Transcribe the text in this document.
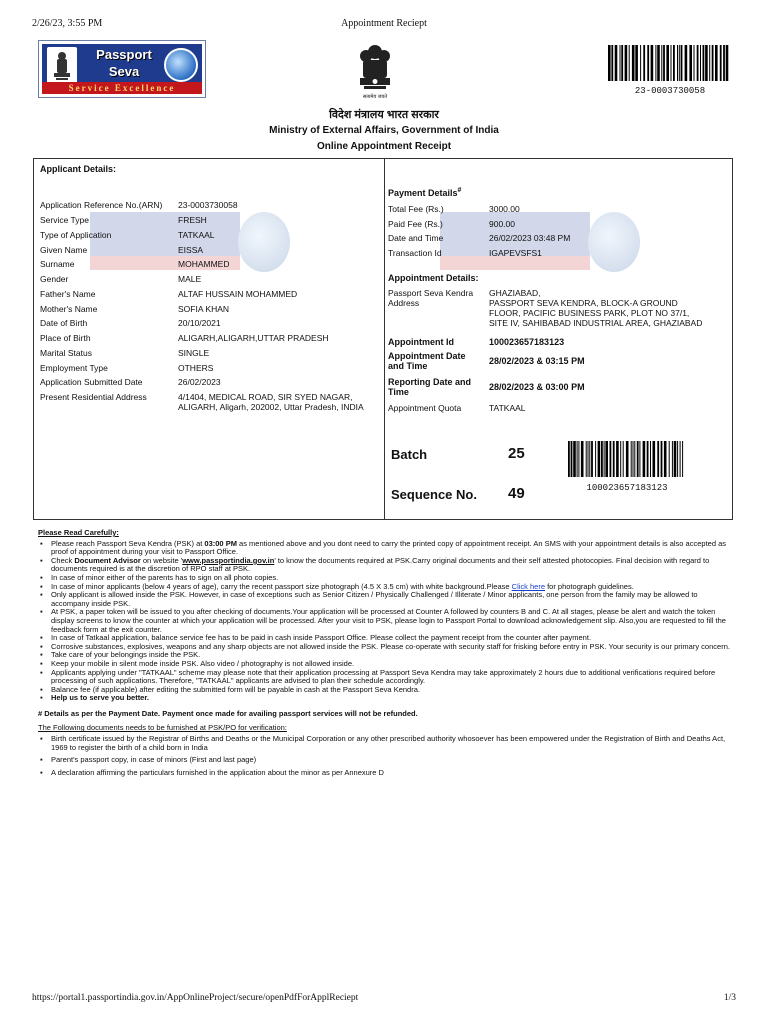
2/26/23, 3:55 PM	Appointment Reciept
Passport
Seva
Service Excellence
सत्यमेव जयते
विदेश मंत्रालय भारत सरकार
Ministry of External Affairs, Government of India
Online Appointment Receipt
23-0003730058
Applicant Details:
Application Reference No.(ARN) 23-0003730058
Service Type	FRESH
Type of Application	TATKAAL
Given Name	EISSA
Surname	MOHAMMED
Gender	MALE
Father's Name	ALTAF HUSSAIN MOHAMMED
Mother's Name	SOFIA KHAN
Date of Birth	20/10/2021
Place of Birth	ALIGARH,ALIGARH,UTTAR PRADESH
Marital Status	SINGLE
Employment Type	OTHERS
Application Submitted Date	26/02/2023
Present Residential Address	4/1404, MEDICAL ROAD, SIR SYED NAGAR,
ALIGARH, Aligarh, 202002, Uttar Pradesh, INDIA
Payment Details#
Total Fee (Rs.)	3000.00
Paid Fee (Rs.)	900.00
Date and Time	26/02/2023 03:48 PM
Transaction Id	IGAPEVSFS1
Appointment Details:
Passport Seva Kendra
Address
GHAZIABAD,
PASSPORT SEVA KENDRA, BLOCK-A GROUND
FLOOR, PACIFIC BUSINESS PARK, PLOT NO 37/1,
SITE IV, SAHIBABAD INDUSTRIAL AREA, GHAZIABAD
Appointment Id	100023657183123
Appointment Date
and Time	28/02/2023 & 03:15 PM
Reporting Date and
Time	28/02/2023 & 03:00 PM
Appointment Quota	TATKAAL
Batch	25
Sequence No. 49	100023657183123
Please Read Carefully:
▪ Please reach Passport Seva Kendra (PSK) at 03:00 PM as mentioned above and you dont need to carry the printed copy of appointment receipt. An SMS with your appointment details is also accepted as proof of appointment during your visit to Passport Office.
▪ Check Document Advisor on website 'www.passportindia.gov.in' to know the documents required at PSK.Carry original documents and their self attested photocopies. Final decision with regard to documents required is at the discretion of RPO staff at PSK.
▪ In case of minor either of the parents has to sign on all photo copies.
▪ In case of minor applicants (below 4 years of age), carry the recent passport size photograph (4.5 X 3.5 cm) with white background.Please Click here for photograph guidelines.
▪ Only applicant is allowed inside the PSK. However, in case of exceptions such as Senior Citizen / Physically Challenged / Illiterate / Minor applicants, one person from the family may be allowed to accompany inside PSK.
▪ At PSK, a paper token will be issued to you after checking of documents.Your application will be processed at Counter A followed by counters B and C. At all stages, please be alert and watch the token display screens to know the counter at which your application will be processed. After your visit to PSK, please login to Passport Portal to download acknowledgement slip. Also,you are requested to fill the feedback form at the exit counter.
▪ In case of Tatkaal application, balance service fee has to be paid in cash inside Passport Office. Please collect the payment receipt from the counter after payment.
▪ Corrosive substances, explosives, weapons and any sharp objects are not allowed inside the PSK. Please co-operate with security staff for frisking before entry in PSK. Your security is our primary concern.
▪ Take care of your belongings inside the PSK.
▪ Keep your mobile in silent mode inside PSK. Also video / photography is not allowed inside.
▪ Applicants applying under "TATKAAL" scheme may please note that their application processing at Passport Seva Kendra may take approximately 2 hours due to additional verifications required before processing of such applications. Therefore, "TATKAAL" applicants are advised to plan their schedule accordingly.
▪ Balance fee (if applicable) after editing the submitted form will be payable in cash at the Passport Seva Kendra.
▪ Help us to serve you better.
# Details as per the Payment Date. Payment once made for availing passport services will not be refunded.
The Following documents needs to be furnished at PSK/PO for verification:
▪ Birth certificate issued by the Registrar of Births and Deaths or the Municipal Corporation or any other prescribed authority whosoever has been empowered under the Registration of Birth and Deaths Act, 1969 to register the birth of a child born in India
▪ Parent's passport copy, in case of minors (First and last page)
▪ A declaration affirming the particulars furnished in the application about the minor as per Annexure D
https://portal1.passportindia.gov.in/AppOnlineProject/secure/openPdfForApplReciept	1/3
